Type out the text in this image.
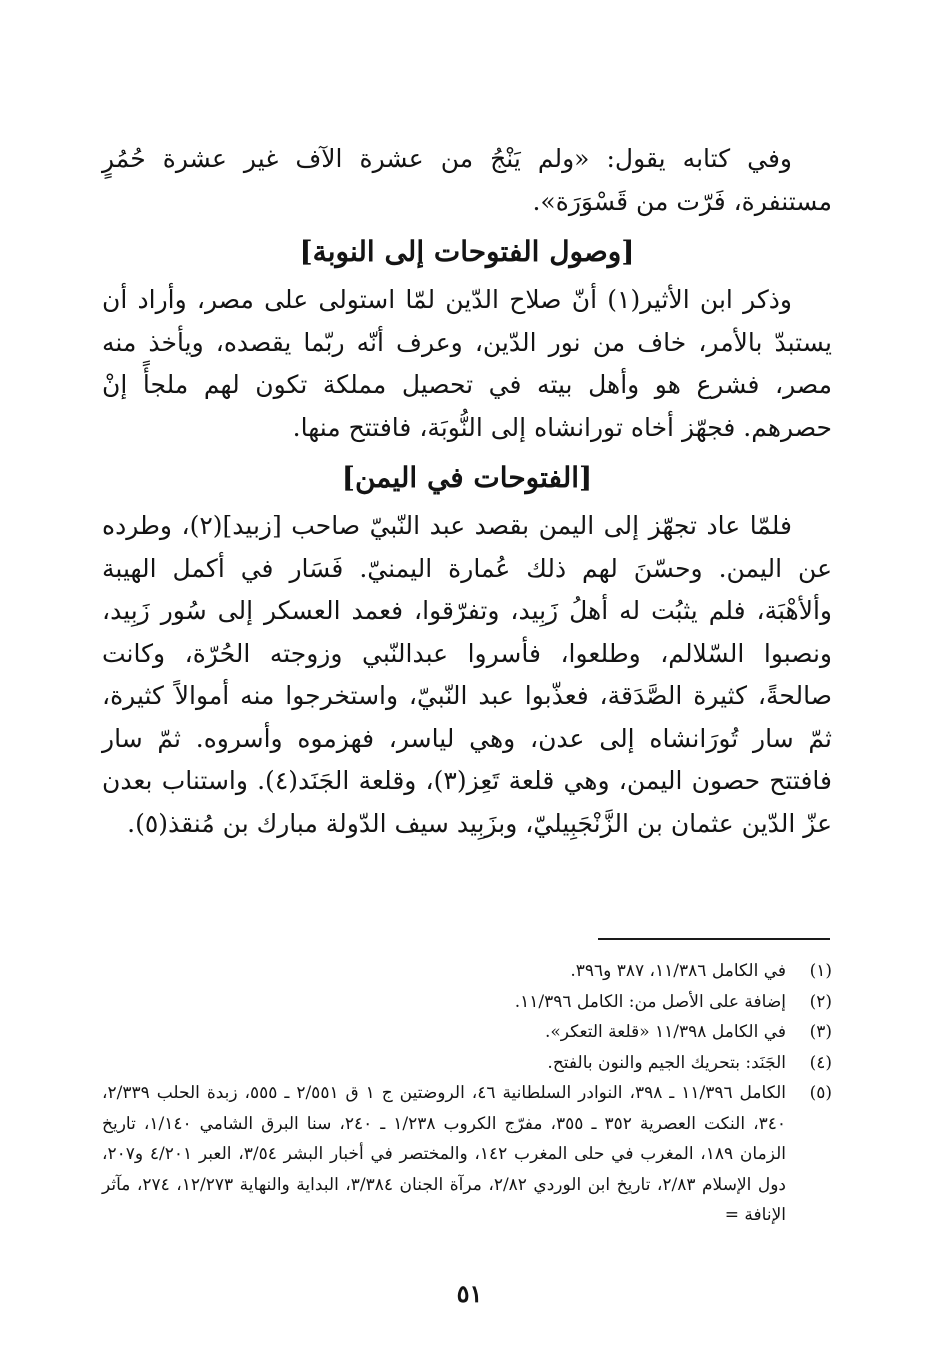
وفي كتابه يقول: «ولم يَنْجُ من عشرة الآف غير عشرة حُمُرٍ مستنفرة، فَرّت من قَسْوَرَة».

[وصول الفتوحات إلى النوبة]

وذكر ابن الأثير(١) أنّ صلاح الدّين لمّا استولى على مصر، وأراد أن يستبدّ بالأمر، خاف من نور الدّين، وعرف أنّه ربّما يقصده، ويأخذ منه مصر، فشرع هو وأهل بيته في تحصيل مملكة تكون لهم ملجأً إنْ حصرهم. فجهّز أخاه تورانشاه إلى النُّوبَة، فافتتح منها.

[الفتوحات في اليمن]

فلمّا عاد تجهّز إلى اليمن بقصد عبد النّبيّ صاحب [زبيد](٢)، وطرده عن اليمن. وحسّنَ لهم ذلك عُمارة اليمنيّ. فَسَار في أكمل الهيبة وألأهْبَة، فلم يثبُت له أهلُ زَبِيد، وتفرّقوا، فعمد العسكر إلى سُور زَبِيد، ونصبوا السّلالم، وطلعوا، فأسروا عبدالنّبي وزوجته الحُرّة، وكانت صالحةً، كثيرة الصَّدَقة، فعذّبوا عبد النّبيّ، واستخرجوا منه أموالاً كثيرة، ثمّ سار تُورَانشاه إلى عدن، وهي لياسر، فهزموه وأسروه. ثمّ سار فافتتح حصون اليمن، وهي قلعة تَعِز(٣)، وقلعة الجَنَد(٤). واستناب بعدن عزّ الدّين عثمان بن الزَّنْجَبِيليّ، وبزَبِيد سيف الدّولة مبارك بن مُنقذ(٥).

(١)
في الكامل ١١/٣٨٦، ٣٨٧ و٣٩٦.
(٢)
إضافة على الأصل من: الكامل ١١/٣٩٦.
(٣)
في الكامل ١١/٣٩٨ «قلعة التعكر».
(٤)
الجَنَد: بتحريك الجيم والنون بالفتح.
(٥)
الكامل ١١/٣٩٦ ـ ٣٩٨، النوادر السلطانية ٤٦، الروضتين ج ١ ق ٢/٥٥١ ـ ٥٥٥، زبدة الحلب ٢/٣٣٩، ٣٤٠، النكت العصرية ٣٥٢ ـ ٣٥٥، مفرّج الكروب ١/٢٣٨ ـ ٢٤٠، سنا البرق الشامي ١/١٤٠، تاريخ الزمان ١٨٩، المغرب في حلى المغرب ١٤٢، والمختصر في أخبار البشر ٣/٥٤، العبر ٤/٢٠١ و٢٠٧، دول الإسلام ٢/٨٣، تاريخ ابن الوردي ٢/٨٢، مرآة الجنان ٣/٣٨٤، البداية والنهاية ١٢/٢٧٣، ٢٧٤، مآثر الإنافة =
٥١
